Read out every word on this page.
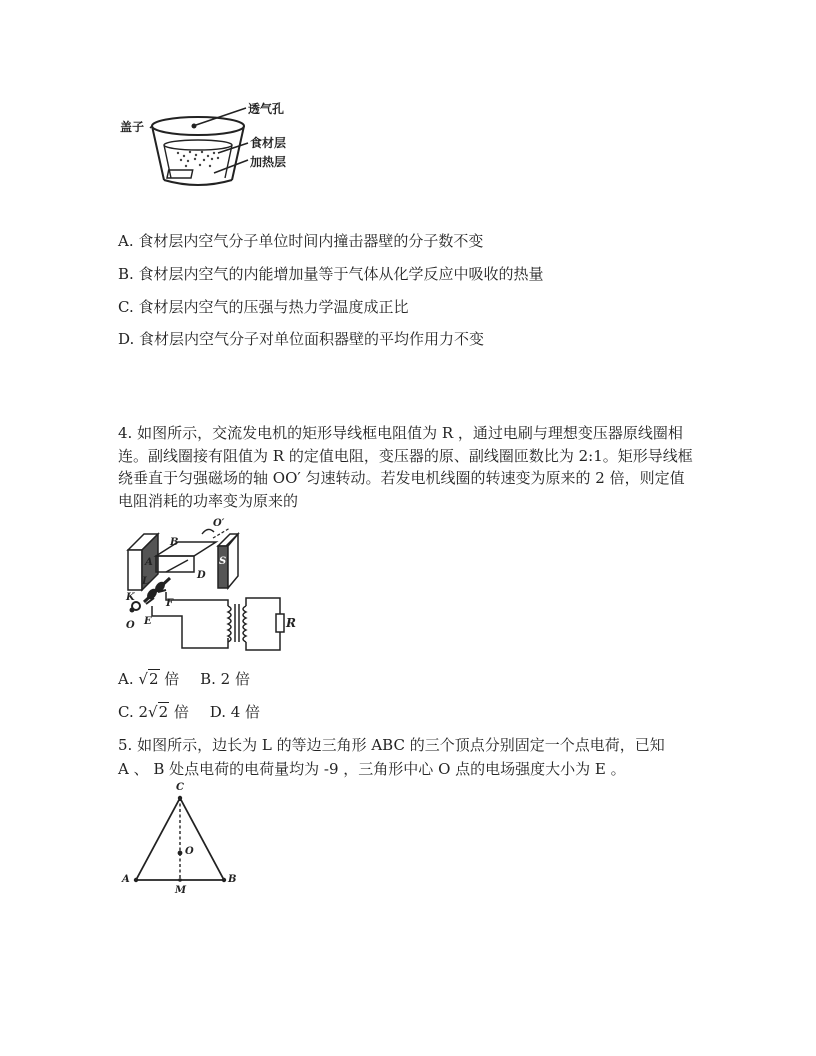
盖子
透气孔
食材层
加热层
A. 食材层内空气分子单位时间内撞击器壁的分子数不变
B. 食材层内空气的内能增加量等于气体从化学反应中吸收的热量
C. 食材层内空气的压强与热力学温度成正比
D. 食材层内空气分子对单位面积器壁的平均作用力不变
4. 如图所示，交流发电机的矩形导线框电阻值为 R ，通过电刷与理想变压器原线圈相连。副线圈接有阻值为 R 的定值电阻，变压器的原、副线圈匝数比为 2:1。矩形导线框绕垂直于匀强磁场的轴 OO′ 匀速转动。若发电机线圈的转速变为原来的 2 倍，则定值电阻消耗的功率变为原来的
O′
B
N A
D
S
L
K
F
O E	R
A. √2 倍 B. 2 倍
C. 2√2 倍 D. 4 倍
5. 如图所示，边长为 L 的等边三角形 ABC 的三个顶点分别固定一个点电荷，已知
A 、 B 处点电荷的电荷量均为 -9 ，三角形中心 O 点的电场强度大小为 E 。
C
O
A	B
M
